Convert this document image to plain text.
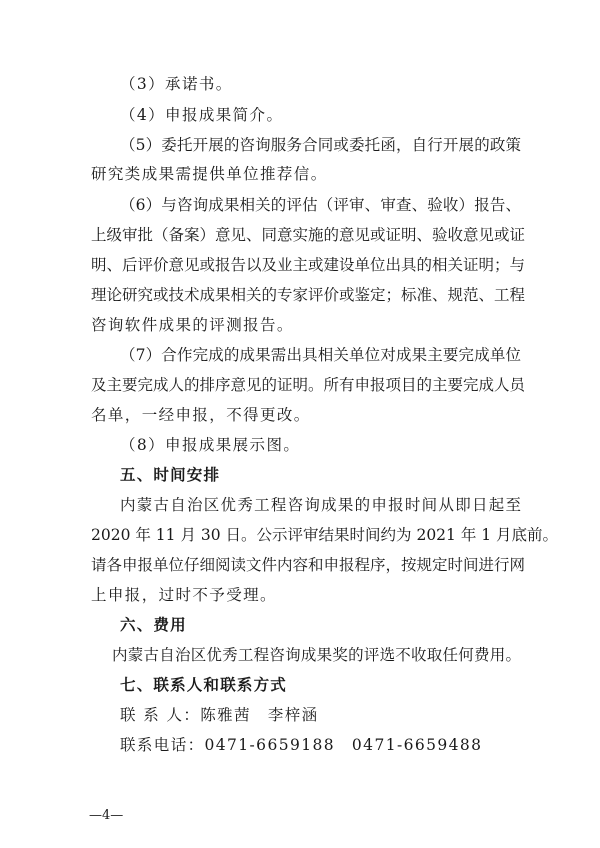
（3）承诺书。
（4）申报成果简介。
（5）委托开展的咨询服务合同或委托函，自行开展的政策
研究类成果需提供单位推荐信。
（6）与咨询成果相关的评估（评审、审查、验收）报告、
上级审批（备案）意见、同意实施的意见或证明、验收意见或证
明、后评价意见或报告以及业主或建设单位出具的相关证明；与
理论研究或技术成果相关的专家评价或鉴定；标准、规范、工程
咨询软件成果的评测报告。
（7）合作完成的成果需出具相关单位对成果主要完成单位
及主要完成人的排序意见的证明。所有申报项目的主要完成人员
名单，一经申报，不得更改。
（8）申报成果展示图。
五、时间安排
内蒙古自治区优秀工程咨询成果的申报时间从即日起至
2020 年 11 月 30 日。公示评审结果时间约为 2021 年 1 月底前。
请各申报单位仔细阅读文件内容和申报程序，按规定时间进行网
上申报，过时不予受理。
六、费用
内蒙古自治区优秀工程咨询成果奖的评选不收取任何费用。
七、联系人和联系方式
联 系 人：陈雅茜　李梓涵
联系电话：0471-6659188　0471-6659488
—4—
